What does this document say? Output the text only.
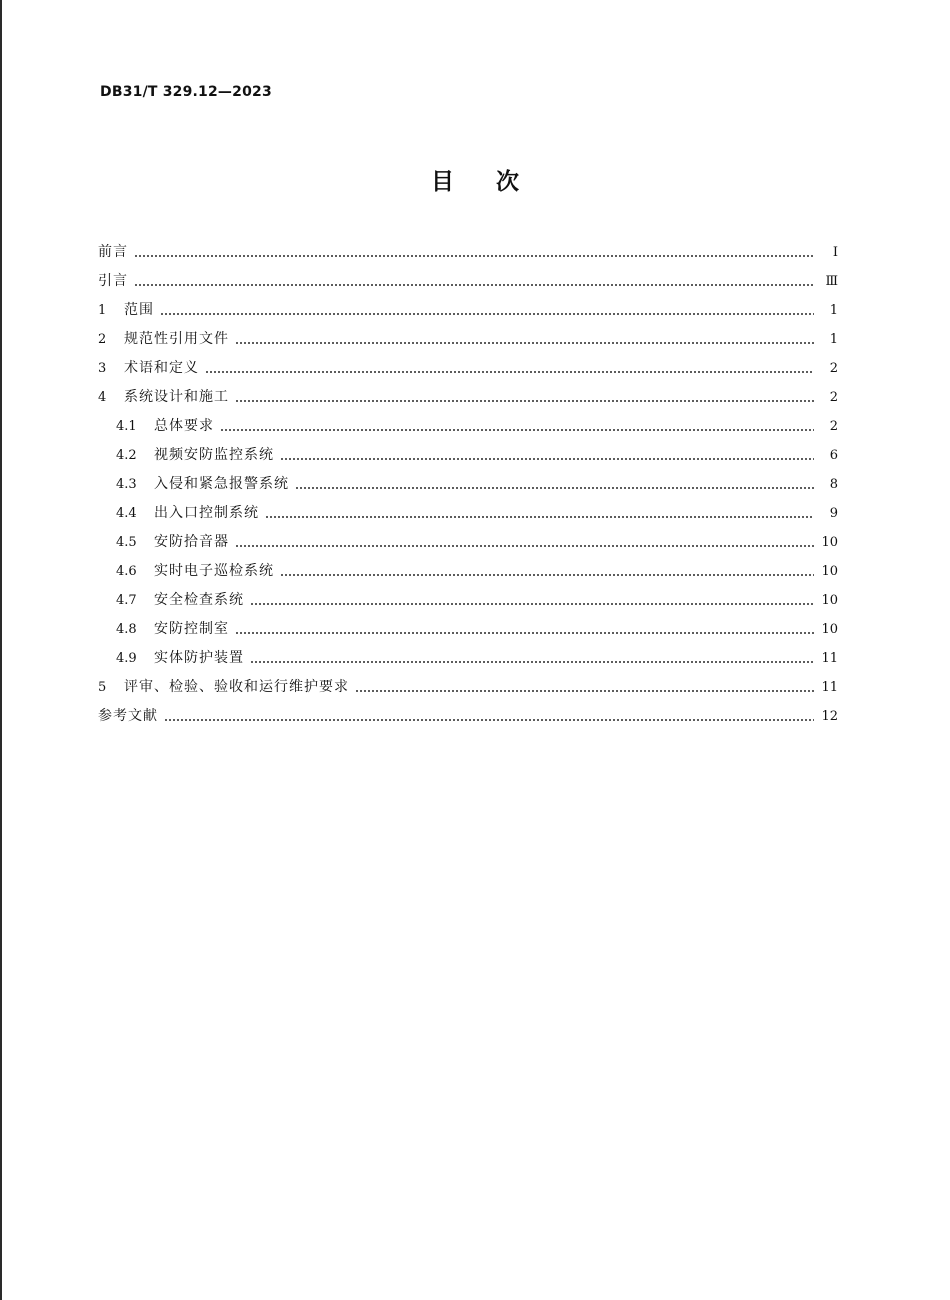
DB31/T 329.12—2023
目次
前言	Ⅰ
引言	Ⅲ
1	范围	1
2	规范性引用文件	1
3	术语和定义	2
4	系统设计和施工	2
4.1	总体要求	2
4.2	视频安防监控系统	6
4.3	入侵和紧急报警系统	8
4.4	出入口控制系统	9
4.5	安防拾音器	10
4.6	实时电子巡检系统	10
4.7	安全检查系统	10
4.8	安防控制室	10
4.9	实体防护装置	11
5	评审、检验、验收和运行维护要求	11
参考文献	12
